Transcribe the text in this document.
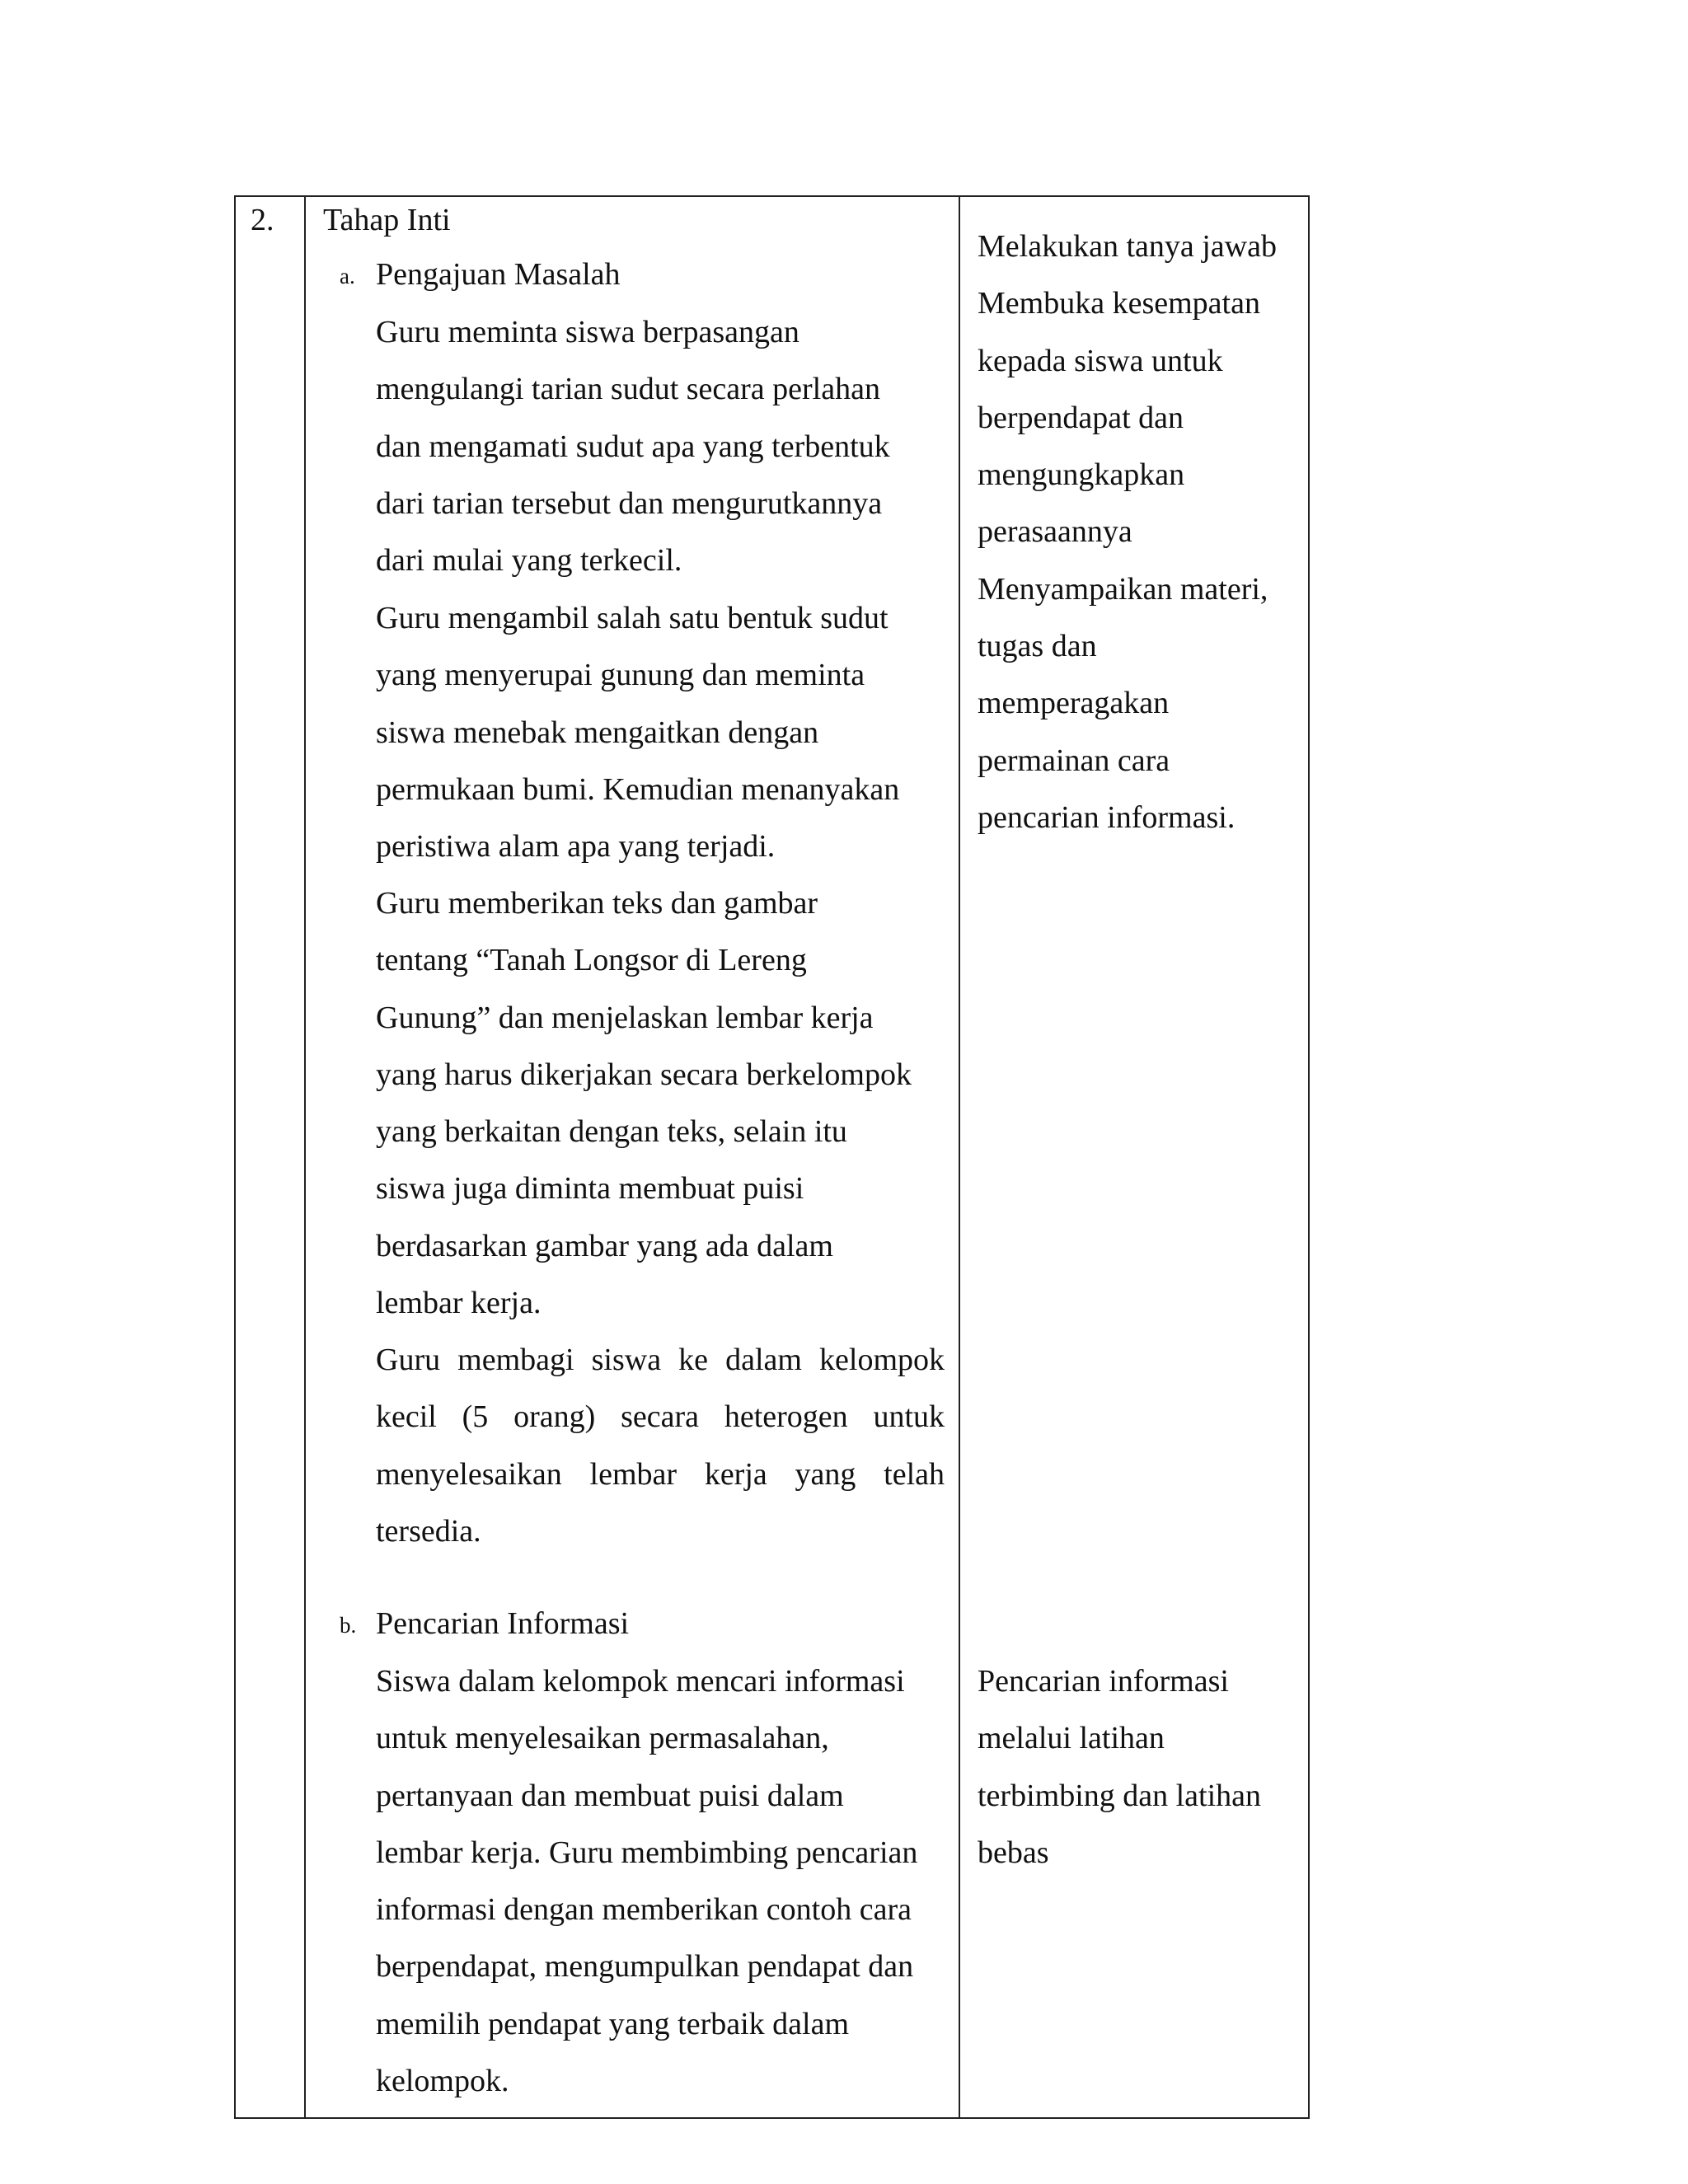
2. Tahap Inti
a. Pengajuan Masalah
Guru meminta siswa berpasangan
mengulangi tarian sudut secara perlahan
dan mengamati sudut apa yang terbentuk
dari tarian tersebut dan mengurutkannya
dari mulai yang terkecil.
Guru mengambil salah satu bentuk sudut
yang menyerupai gunung dan meminta
siswa menebak mengaitkan dengan
permukaan bumi. Kemudian menanyakan
peristiwa alam apa yang terjadi.
Guru memberikan teks dan gambar
tentang “Tanah Longsor di Lereng
Gunung” dan menjelaskan lembar kerja
yang harus dikerjakan secara berkelompok
yang berkaitan dengan teks, selain itu
siswa juga diminta membuat puisi
berdasarkan gambar yang ada dalam
lembar kerja.
Guru membagi siswa ke dalam kelompok
kecil (5 orang) secara heterogen untuk
menyelesaikan lembar kerja yang telah
tersedia.
b. Pencarian Informasi
Siswa dalam kelompok mencari informasi
untuk menyelesaikan permasalahan,
pertanyaan dan membuat puisi dalam
lembar kerja. Guru membimbing pencarian
informasi dengan memberikan contoh cara
berpendapat, mengumpulkan pendapat dan
memilih pendapat yang terbaik dalam
kelompok.
Melakukan tanya jawab
Membuka kesempatan
kepada siswa untuk
berpendapat dan
mengungkapkan
perasaannya
Menyampaikan materi,
tugas dan
memperagakan
permainan cara
pencarian informasi.
Pencarian informasi
melalui latihan
terbimbing dan latihan
bebas
